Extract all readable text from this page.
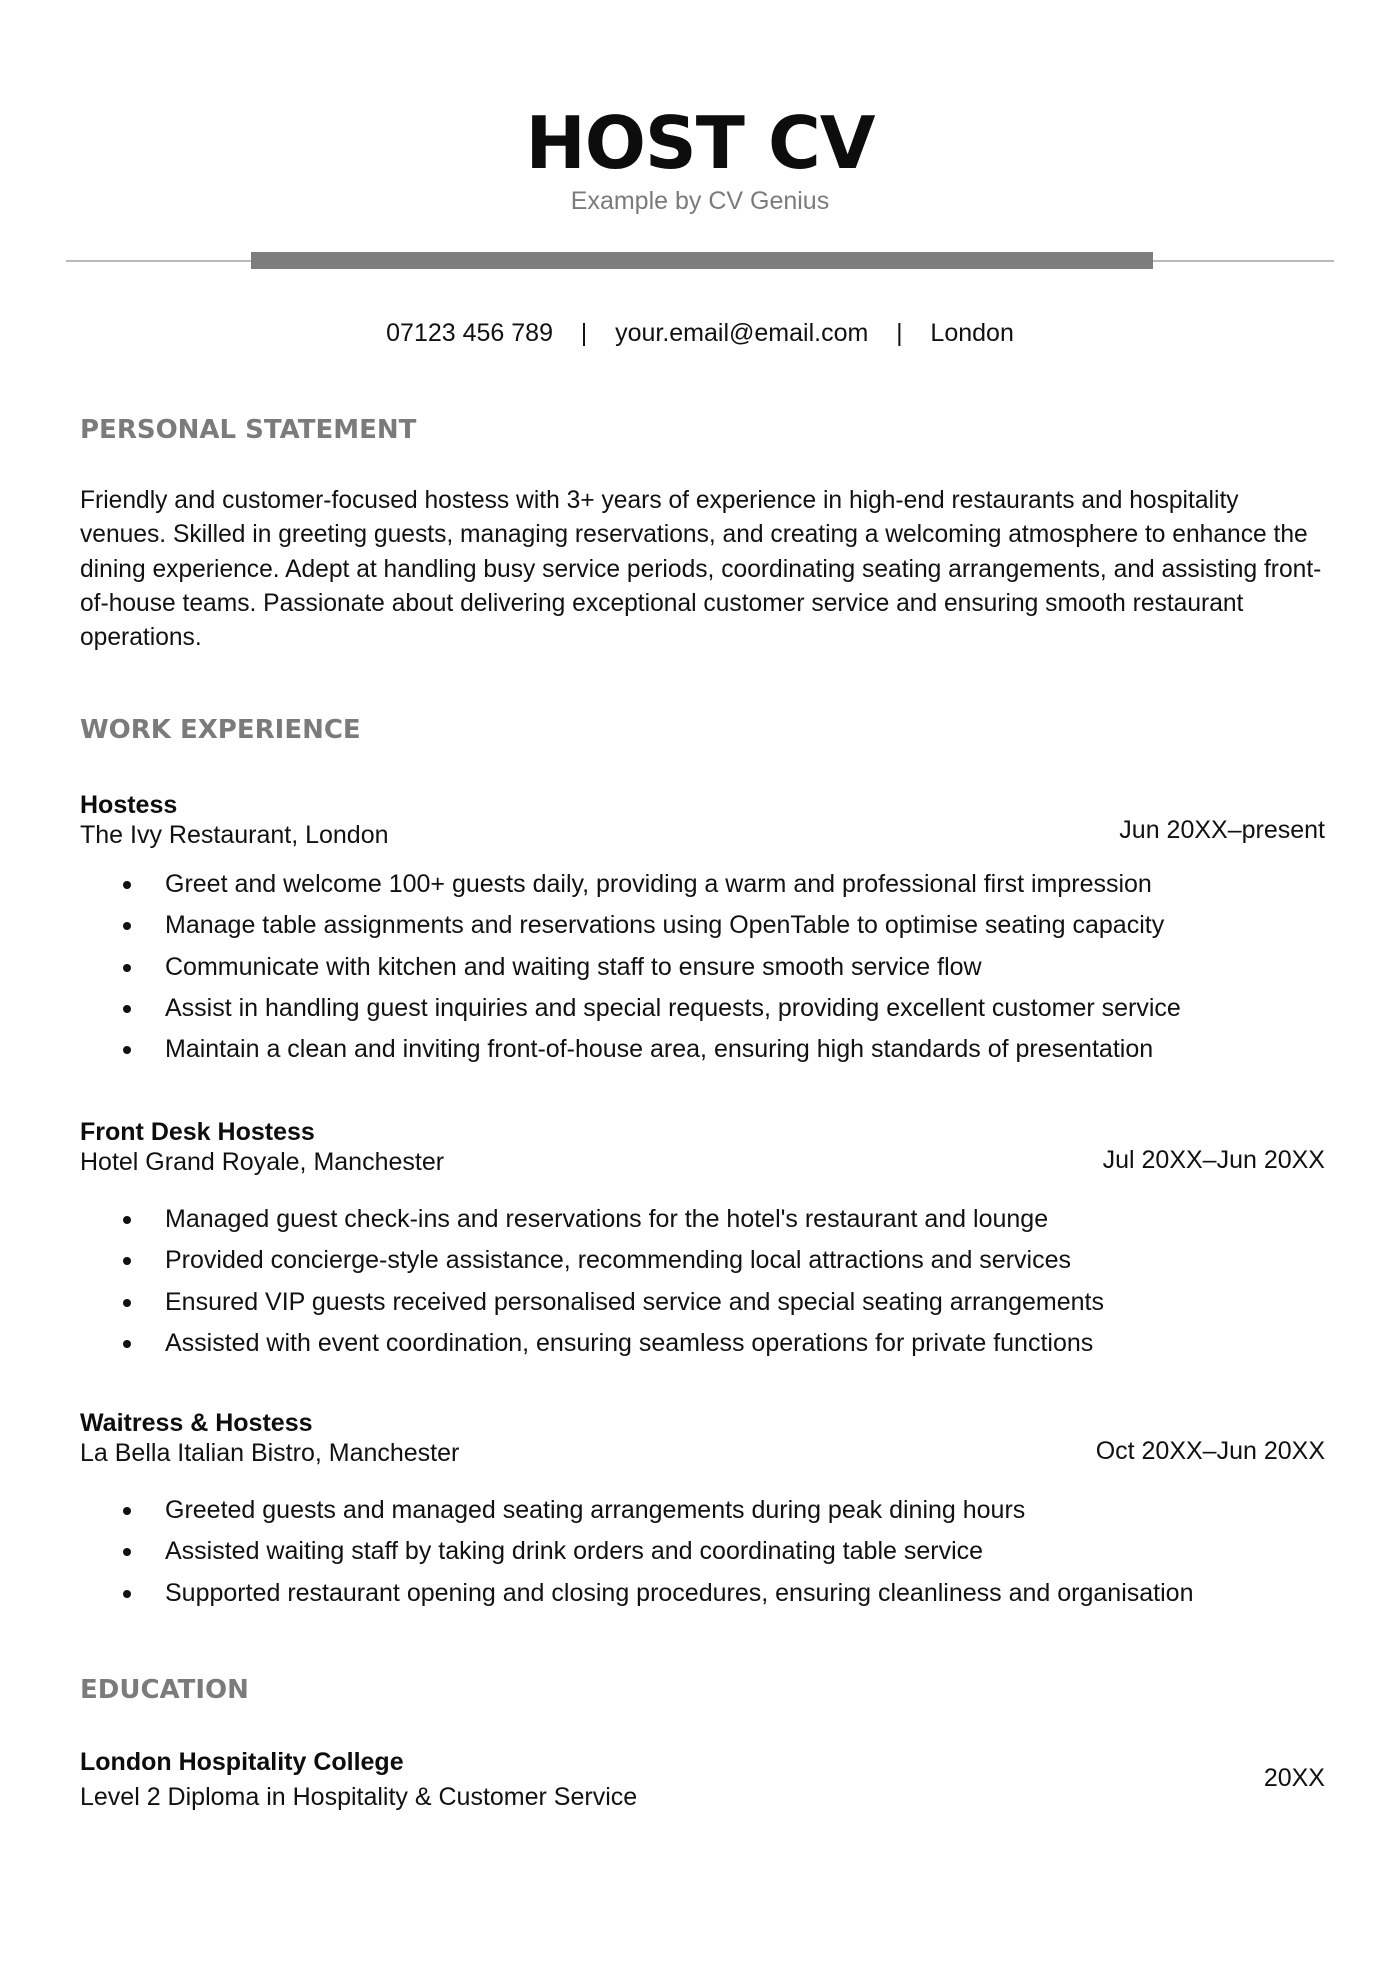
HOST CV
Example by CV Genius
07123 456 789 | your.email@email.com | London
PERSONAL STATEMENT
Friendly and customer-focused hostess with 3+ years of experience in high-end restaurants and hospitality venues. Skilled in greeting guests, managing reservations, and creating a welcoming atmosphere to enhance the dining experience. Adept at handling busy service periods, coordinating seating arrangements, and assisting front-of-house teams. Passionate about delivering exceptional customer service and ensuring smooth restaurant operations.
WORK EXPERIENCE
Hostess
The Ivy Restaurant, London	Jun 20XX–present
Greet and welcome 100+ guests daily, providing a warm and professional first impression
Manage table assignments and reservations using OpenTable to optimise seating capacity
Communicate with kitchen and waiting staff to ensure smooth service flow
Assist in handling guest inquiries and special requests, providing excellent customer service
Maintain a clean and inviting front-of-house area, ensuring high standards of presentation
Front Desk Hostess
Hotel Grand Royale, Manchester	Jul 20XX–Jun 20XX
Managed guest check-ins and reservations for the hotel's restaurant and lounge
Provided concierge-style assistance, recommending local attractions and services
Ensured VIP guests received personalised service and special seating arrangements
Assisted with event coordination, ensuring seamless operations for private functions
Waitress & Hostess
La Bella Italian Bistro, Manchester	Oct 20XX–Jun 20XX
Greeted guests and managed seating arrangements during peak dining hours
Assisted waiting staff by taking drink orders and coordinating table service
Supported restaurant opening and closing procedures, ensuring cleanliness and organisation
EDUCATION
London Hospitality College
Level 2 Diploma in Hospitality & Customer Service
20XX
